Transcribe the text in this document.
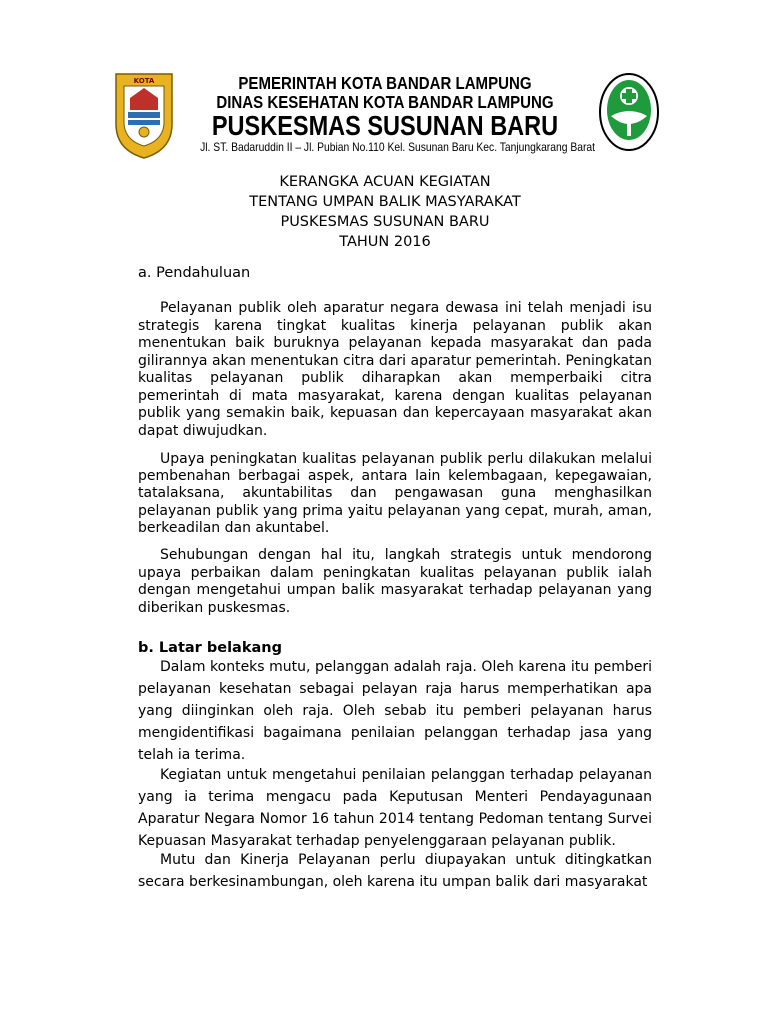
KOTA	PEMERINTAH KOTA BANDAR LAMPUNG
DINAS KESEHATAN KOTA BANDAR LAMPUNG
PUSKESMAS SUSUNAN BARU
Jl. ST. Badaruddin II – Jl. Pubian No.110 Kel. Susunan Baru Kec. Tanjungkarang Barat
KERANGKA ACUAN KEGIATAN
TENTANG UMPAN BALIK MASYARAKAT
PUSKESMAS SUSUNAN BARU
TAHUN 2016
a. Pendahuluan
Pelayanan publik oleh aparatur negara dewasa ini telah menjadi isu strategis karena tingkat kualitas kinerja pelayanan publik akan menentukan baik buruknya pelayanan kepada masyarakat dan pada gilirannya akan menentukan citra dari aparatur pemerintah. Peningkatan kualitas pelayanan publik diharapkan akan memperbaiki citra pemerintah di mata masyarakat, karena dengan kualitas pelayanan publik yang semakin baik, kepuasan dan kepercayaan masyarakat akan dapat diwujudkan.
Upaya peningkatan kualitas pelayanan publik perlu dilakukan melalui pembenahan berbagai aspek, antara lain kelembagaan, kepegawaian, tatalaksana, akuntabilitas dan pengawasan guna menghasilkan pelayanan publik yang prima yaitu pelayanan yang cepat, murah, aman, berkeadilan dan akuntabel.
Sehubungan dengan hal itu, langkah strategis untuk mendorong upaya perbaikan dalam peningkatan kualitas pelayanan publik ialah dengan mengetahui umpan balik masyarakat terhadap pelayanan yang diberikan puskesmas.
b. Latar belakang
Dalam konteks mutu, pelanggan adalah raja. Oleh karena itu pemberi pelayanan kesehatan sebagai pelayan raja harus memperhatikan apa yang diinginkan oleh raja. Oleh sebab itu pemberi pelayanan harus mengidentifikasi bagaimana penilaian pelanggan terhadap jasa yang telah ia terima.
Kegiatan untuk mengetahui penilaian pelanggan terhadap pelayanan yang ia terima mengacu pada Keputusan Menteri Pendayagunaan Aparatur Negara Nomor 16 tahun 2014 tentang Pedoman tentang Survei Kepuasan Masyarakat terhadap penyelenggaraan pelayanan publik.
Mutu dan Kinerja Pelayanan perlu diupayakan untuk ditingkatkan secara berkesinambungan, oleh karena itu umpan balik dari masyarakat
